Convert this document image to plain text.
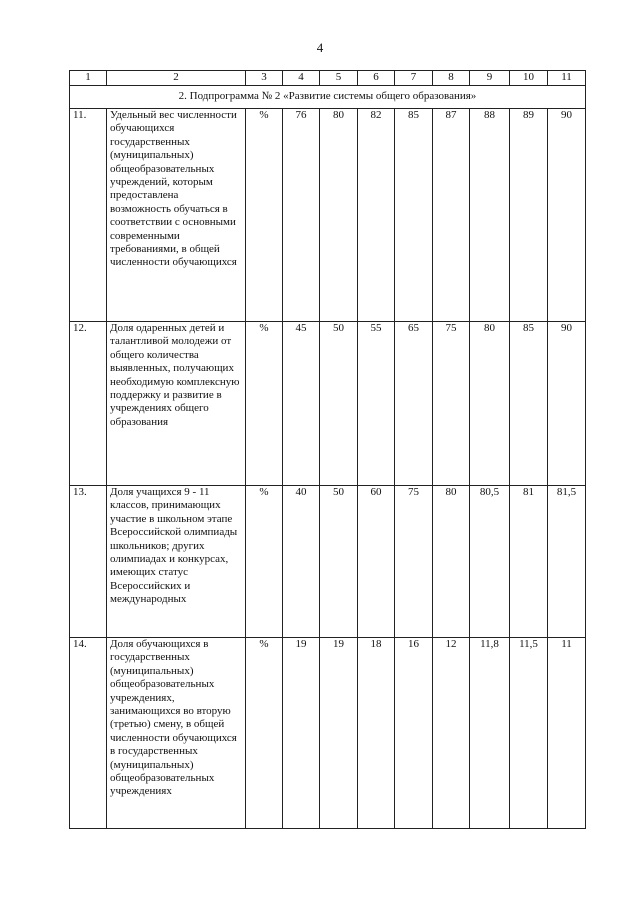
4
1	2	3	4	5	6	7	8	9	10	11
2. Подпрограмма № 2 «Развитие системы общего образования»										
11.	Удельный вес численности обучающихся государственных (муниципальных) общеобразовательных учреждений, которым предоставлена возможность обучаться в соответствии с основными современными требованиями, в общей численности обучающихся	%	76	80	82	85	87	88	89	90
12.	Доля одаренных детей и талантливой молодежи от общего количества выявленных, получающих необходимую комплексную поддержку и развитие в учреждениях общего образования	%	45	50	55	65	75	80	85	90
13.	Доля учащихся 9 - 11 классов, принимающих участие в школьном этапе Всероссийской олимпиады школьников; других олимпиадах и конкурсах, имеющих статус Всероссийских и международных	%	40	50	60	75	80	80,5	81	81,5
14.	Доля обучающихся в государственных (муниципальных) общеобразовательных учреждениях, занимающихся во вторую (третью) смену, в общей численности обучающихся в государственных (муниципальных) общеобразовательных учреждениях	%	19	19	18	16	12	11,8	11,5	11
